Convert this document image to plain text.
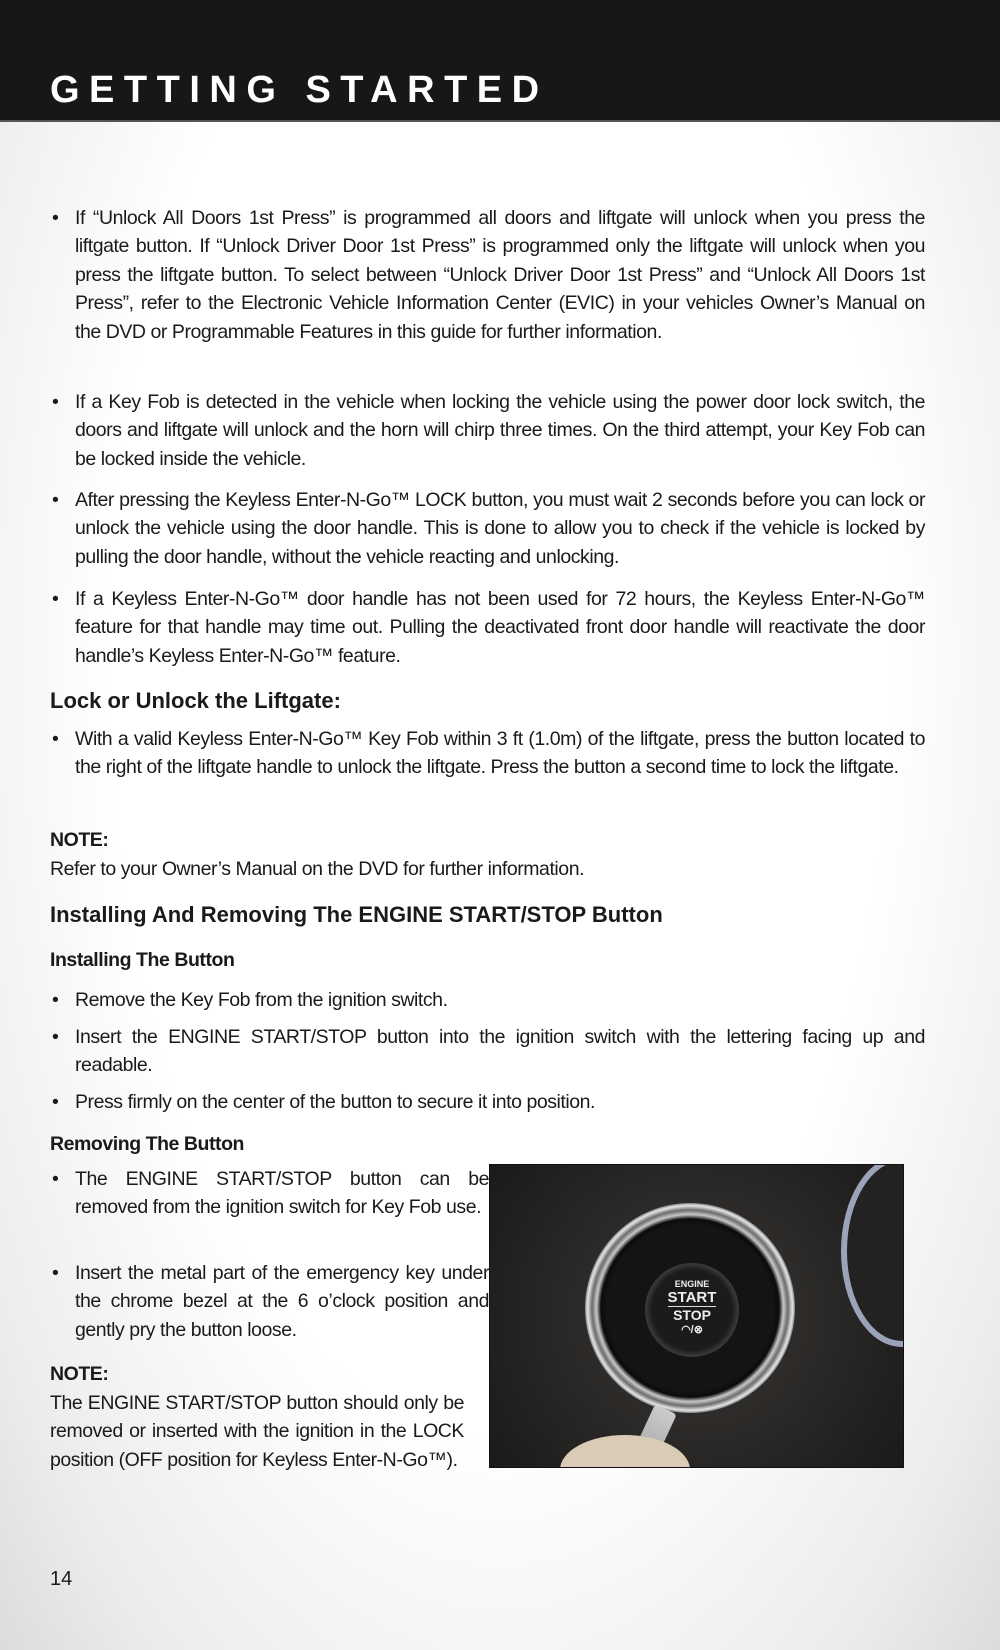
GETTING STARTED
• If “Unlock All Doors 1st Press” is programmed all doors and liftgate will unlock when you press the liftgate button. If “Unlock Driver Door 1st Press” is programmed only the liftgate will unlock when you press the liftgate button. To select between “Unlock Driver Door 1st Press” and “Unlock All Doors 1st Press”, refer to the Electronic Vehicle Information Center (EVIC) in your vehicles Owner’s Manual on the DVD or Programmable Features in this guide for further information.
• If a Key Fob is detected in the vehicle when locking the vehicle using the power door lock switch, the doors and liftgate will unlock and the horn will chirp three times. On the third attempt, your Key Fob can be locked inside the vehicle.
• After pressing the Keyless Enter-N-Go™ LOCK button, you must wait 2 seconds before you can lock or unlock the vehicle using the door handle. This is done to allow you to check if the vehicle is locked by pulling the door handle, without the vehicle reacting and unlocking.
• If a Keyless Enter-N-Go™ door handle has not been used for 72 hours, the Keyless Enter-N-Go™ feature for that handle may time out. Pulling the deactivated front door handle will reactivate the door handle’s Keyless Enter-N-Go™ feature.
Lock or Unlock the Liftgate:
• With a valid Keyless Enter-N-Go™ Key Fob within 3 ft (1.0m) of the liftgate, press the button located to the right of the liftgate handle to unlock the liftgate. Press the button a second time to lock the liftgate.
NOTE:
Refer to your Owner’s Manual on the DVD for further information.
Installing And Removing The ENGINE START/STOP Button
Installing The Button
• Remove the Key Fob from the ignition switch.
• Insert the ENGINE START/STOP button into the ignition switch with the lettering facing up and readable.
• Press firmly on the center of the button to secure it into position.
Removing The Button
• The ENGINE START/STOP button can be removed from the ignition switch for Key Fob use.
• Insert the metal part of the emergency key under the chrome bezel at the 6 o’clock position and gently pry the button loose.
NOTE:
The ENGINE START/STOP button should only be removed or inserted with the ignition in the LOCK position (OFF position for Keyless Enter-N-Go™).
ENGINE
START
STOP
◠/⊗
14
